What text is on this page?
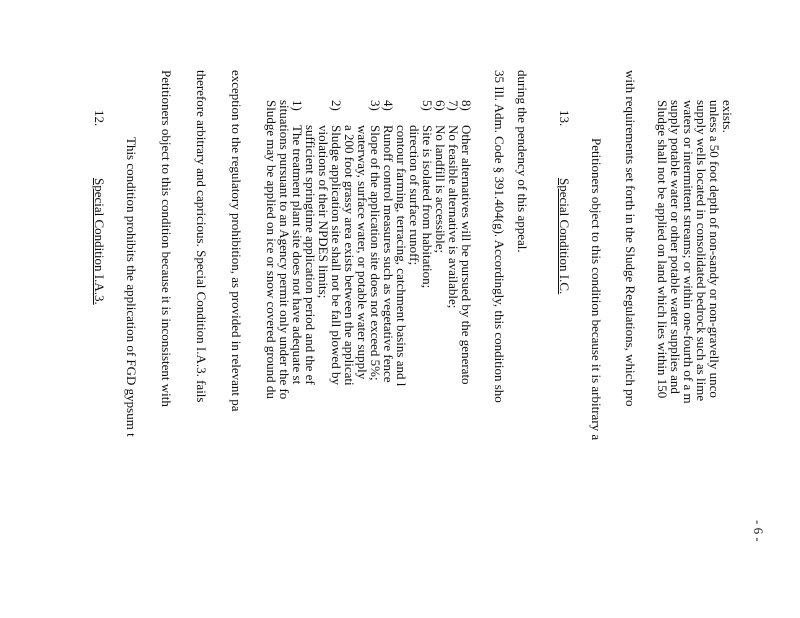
12.
Special Condition I.A.3. This condition prohibits the application of FGD gypsum t Petitioners object to this condition because it is inconsistent with therefore arbitrary and capricious. Special Condition I.A.3. fails exception to the regulatory prohibition, as provided in relevant pa Sludge may be applied on ice or snow covered ground du
situations pursuant to an Agency permit only under the fo
1)
The treatment plant site does not have adequate st
sufficient springtime application period and the ef
violations of their NPDES limits;
2)
Sludge application site shall not be fall plowed by
a 200 foot grassy area exists between the applicati
waterway, surface water, or potable water supply
3)
Slope of the application site does not exceed 5%;
4)
Runoff control measures such as vegetative fence
contour farming, terracing, catchment basins and l
direction of surface runoff;
5)
Site is isolated from habitation;
6)
No landfill is accessible;
7)
No feasible alternative is available;
8)
Other alternatives will be pursued by the generato 35 Ill. Adm. Code § 391.404(g). Accordingly, this condition sho during the pendency of this appeal. 13.
Special Condition I.C. Petitioners object to this condition because it is arbitrary a with requirements set forth in the Sludge Regulations, which pro Sludge shall not be applied on land which lies within 150
supply potable water or other potable water supplies and
waters or intermittent streams; or within one-fourth of a m
supply wells located in consolidated bedrock such as lime
unless a 50 foot depth of non-sandy or non-gravelly unco
exists.
- 6 -
